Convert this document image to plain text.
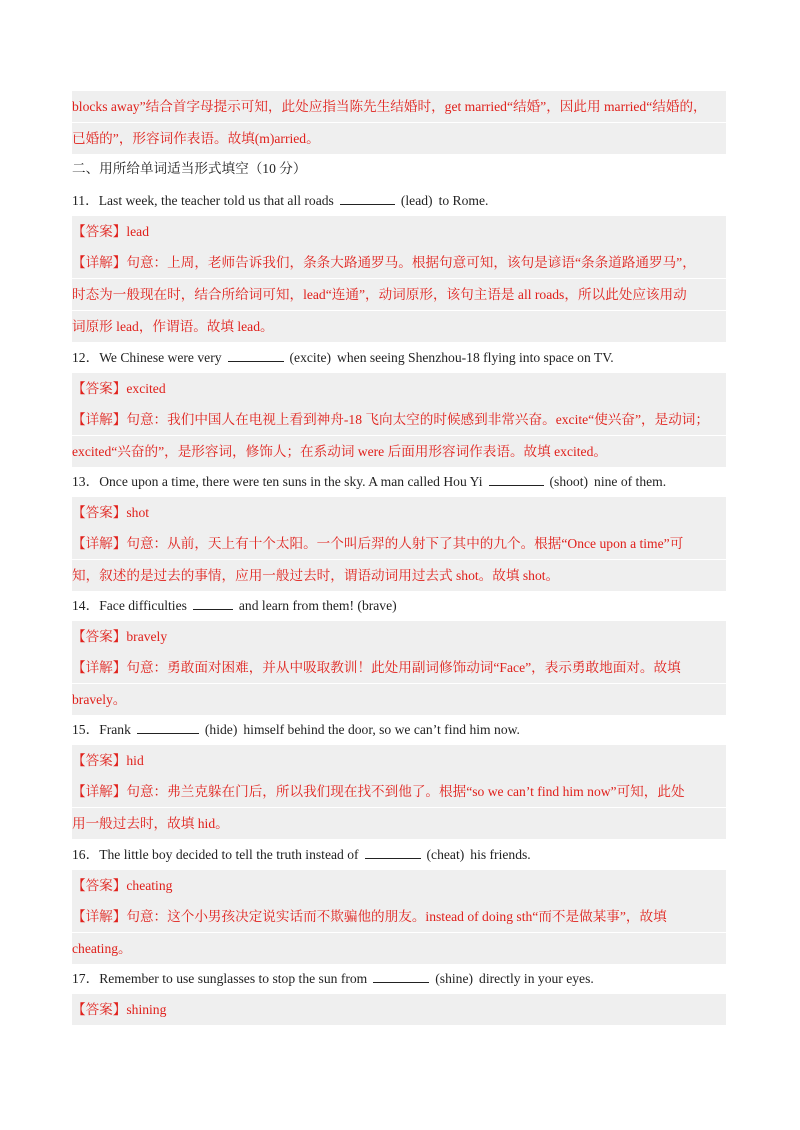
blocks away”结合首字母提示可知，此处应指当陈先生结婚时，get married“结婚”，因此用 married“结婚的，
已婚的”，形容词作表语。故填(m)arried。
二、用所给单词适当形式填空（10 分）
11．Last week, the teacher told us that all roads	(lead) to Rome.
【答案】lead
【详解】句意：上周，老师告诉我们，条条大路通罗马。根据句意可知，该句是谚语“条条道路通罗马”，
时态为一般现在时，结合所给词可知，lead“连通”，动词原形，该句主语是 all roads，所以此处应该用动
词原形 lead，作谓语。故填 lead。
12．We Chinese were very	(excite) when seeing Shenzhou-18 flying into space on TV.
【答案】excited
【详解】句意：我们中国人在电视上看到神舟-18 飞向太空的时候感到非常兴奋。excite“使兴奋”，是动词；
excited“兴奋的”，是形容词，修饰人；在系动词 were 后面用形容词作表语。故填 excited。
13．Once upon a time, there were ten suns in the sky. A man called Hou Yi	(shoot) nine of them.
【答案】shot
【详解】句意：从前，天上有十个太阳。一个叫后羿的人射下了其中的九个。根据“Once upon a time”可
知，叙述的是过去的事情，应用一般过去时，谓语动词用过去式 shot。故填 shot。
14．Face difficulties	and learn from them! (brave)
【答案】bravely
【详解】句意：勇敢面对困难，并从中吸取教训！此处用副词修饰动词“Face”，表示勇敢地面对。故填
bravely。
15．Frank	(hide) himself behind the door, so we can’t find him now.
【答案】hid
【详解】句意：弗兰克躲在门后，所以我们现在找不到他了。根据“so we can’t find him now”可知，此处
用一般过去时，故填 hid。
16．The little boy decided to tell the truth instead of	(cheat) his friends.
【答案】cheating
【详解】句意：这个小男孩决定说实话而不欺骗他的朋友。instead of doing sth“而不是做某事”，故填
cheating。
17．Remember to use sunglasses to stop the sun from	(shine) directly in your eyes.
【答案】shining
